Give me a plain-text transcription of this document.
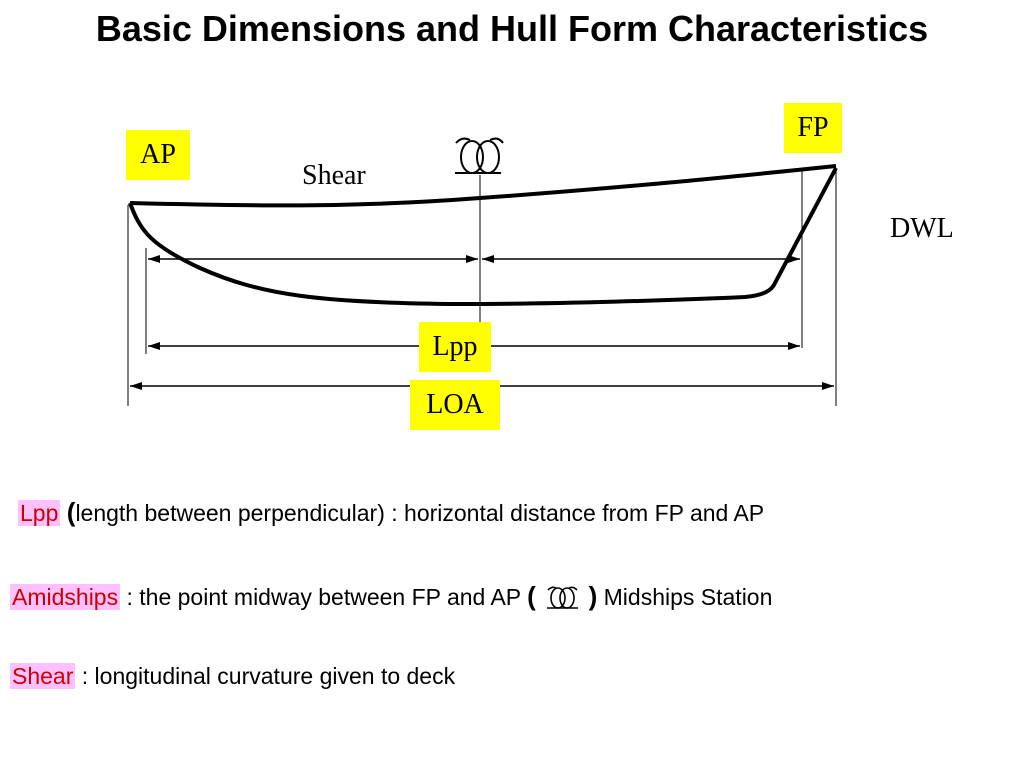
Basic Dimensions and Hull Form Characteristics
AP
FP
Shear
DWL
Lpp
LOA
Lpp (length between perpendicular) : horizontal distance from FP and AP
Amidships : the point midway between FP and AP ( ) Midships Station
Shear : longitudinal curvature given to deck
